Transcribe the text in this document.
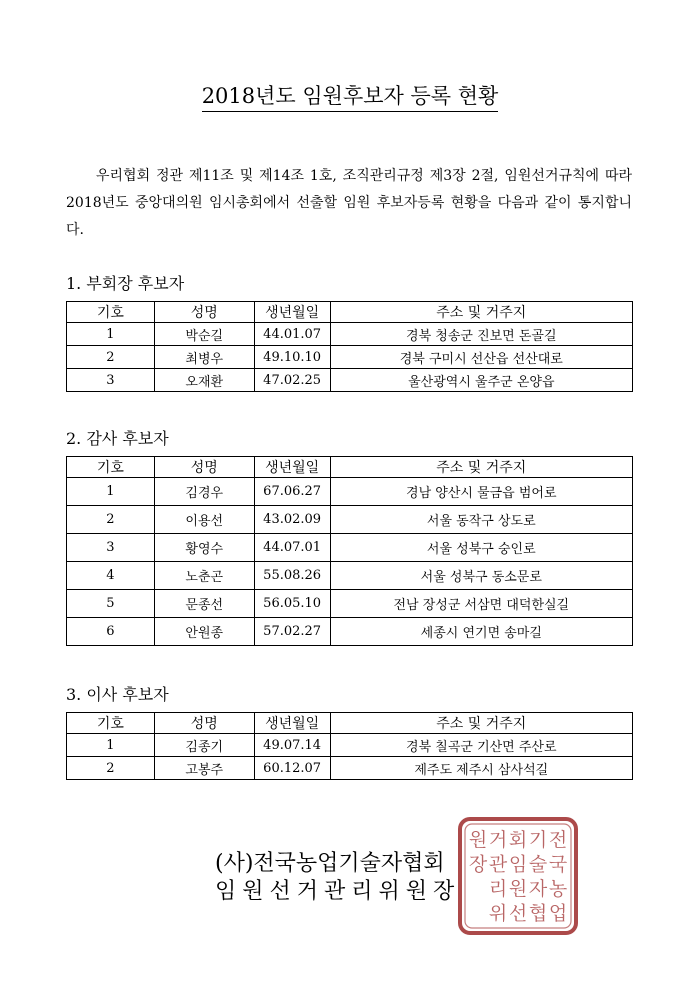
2018년도 임원후보자 등록 현황

우리협회 정관 제11조 및 제14조 1호, 조직관리규정 제3장 2절, 임원선거규칙에 따라 2018년도 중앙대의원 임시총회에서 선출할 임원 후보자등록 현황을 다음과 같이 통지합니다.

1. 부회장 후보자
기호	성명	생년월일	주소 및 거주지
1	박순길	44.01.07	경북 청송군 진보면 돈골길
2	최병우	49.10.10	경북 구미시 선산읍 선산대로
3	오재환	47.02.25	울산광역시 울주군 온양읍
2. 감사 후보자
기호	성명	생년월일	주소 및 거주지
1	김경우	67.06.27	경남 양산시 물금읍 범어로
2	이용선	43.02.09	서울 동작구 상도로
3	황영수	44.07.01	서울 성북구 숭인로
4	노춘곤	55.08.26	서울 성북구 동소문로
5	문종선	56.05.10	전남 장성군 서삼면 대덕한실길
6	안원종	57.02.27	세종시 연기면 송마길
3. 이사 후보자
기호	성명	생년월일	주소 및 거주지
1	김종기	49.07.14	경북 칠곡군 기산면 주산로
2	고봉주	60.12.07	제주도 제주시 삼사석길
전
국
농
업
기
술
자
협
회
임
원
선
거
관
리
위
원
장

(사)전국농업기술자협회
임원선거관리위원장
